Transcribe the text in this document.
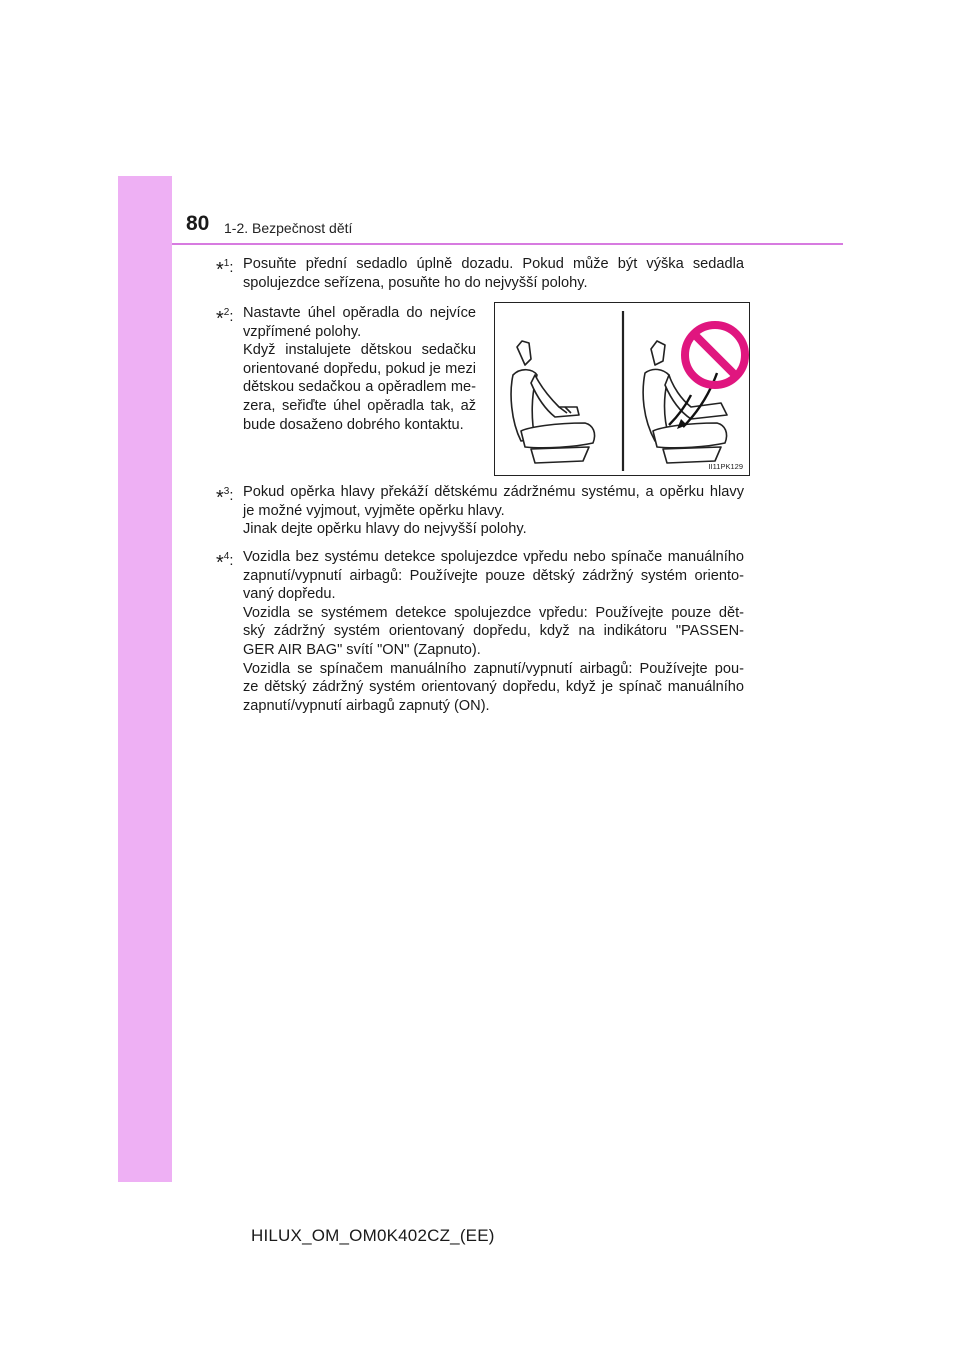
80 1-2. Bezpečnost dětí
*$^1$: Posuňte přední sedadlo úplně dozadu. Pokud může být výška sedadla

spolujezdce seřízena, posuňte ho do nejvyšší polohy.

*$^2$: Nastavte úhel opěradla do nejvíce

vzpřímené polohy.

Když instalujete dětskou sedačku

orientované dopředu, pokud je mezi

dětskou sedačkou a opěradlem me-

zera, seřiďte úhel opěradla tak, až

bude dosaženo dobrého kontaktu.

II11PK129
*$^3$: Pokud opěrka hlavy překáží dětskému zádržnému systému, a opěrku hlavy

je možné vyjmout, vyjměte opěrku hlavy.

Jinak dejte opěrku hlavy do nejvyšší polohy.

*$^4$: Vozidla bez systému detekce spolujezdce vpředu nebo spínače manuálního

zapnutí/vypnutí airbagů: Používejte pouze dětský zádržný systém oriento-

vaný dopředu.

Vozidla se systémem detekce spolujezdce vpředu: Používejte pouze dět-

ský zádržný systém orientovaný dopředu, když na indikátoru "PASSEN-

GER AIR BAG" svítí "ON" (Zapnuto).

Vozidla se spínačem manuálního zapnutí/vypnutí airbagů: Používejte pou-

ze dětský zádržný systém orientovaný dopředu, když je spínač manuálního

zapnutí/vypnutí airbagů zapnutý (ON).

HILUX_OM_OM0K402CZ_(EE)
